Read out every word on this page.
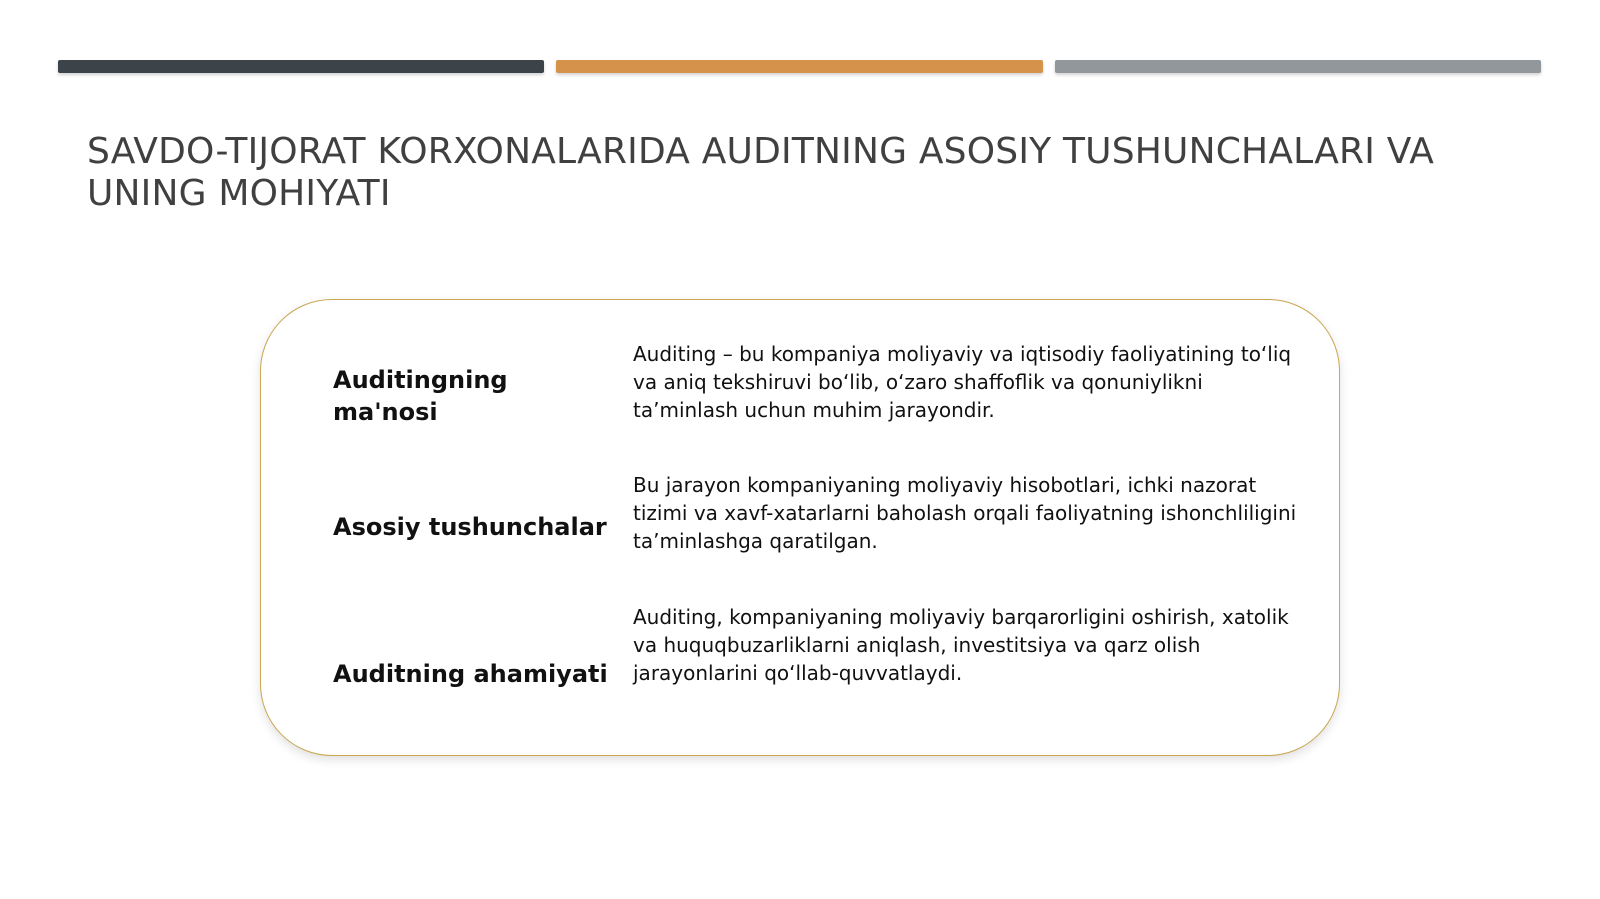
SAVDO-TIJORAT KORXONALARIDA AUDITNING ASOSIY TUSHUNCHALARI VA UNING MOHIYATI

Auditingning ma'nosi

Auditing – bu kompaniya moliyaviy va iqtisodiy faoliyatining to‘liq va aniq tekshiruvi bo‘lib, o‘zaro shaffoflik va qonuniylikni ta’minlash uchun muhim jarayondir.

Asosiy tushunchalar

Bu jarayon kompaniyaning moliyaviy hisobotlari, ichki nazorat tizimi va xavf-xatarlarni baholash orqali faoliyatning ishonchliligini ta’minlashga qaratilgan.

Auditning ahamiyati

Auditing, kompaniyaning moliyaviy barqarorligini oshirish, xatolik va huquqbuzarliklarni aniqlash, investitsiya va qarz olish jarayonlarini qo‘llab-quvvatlaydi.
